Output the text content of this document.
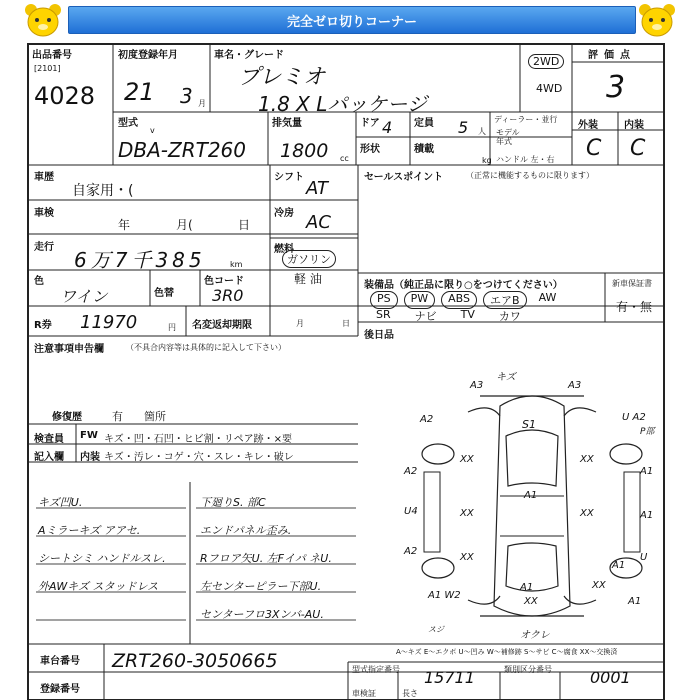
完全ゼロ切りコーナー
出品番号
[2101]
4028
初度登録年月
21 3 月
車名・グレード
プレミオ
1.8 X Lパッケージ
2WD
4WD
評価点
3
型式
v
DBA-ZRT260
排気量
1800 cc
ドア 4 定員 5 人
ディーラー・並行
モデル年式
形状	積載
kg ハンドル 左・右
外装	内装
C C
車歴
自家用・(
シフト
AT
セールスポイント	（正常に機能するものに限ります）
車検
年	月(	日
冷房 AC
走行
6万7千385	km
燃料
ガソリン
軽 油
色
ワイン	色替
色コード
3R0
装備品（純正品に限り○をつけてください）
PS	PW	ABS	エアB	AW
SR ナビ TV カワ
新車保証書
有・無
後日品
R券 11970	円 名変返却期限	月	日
注意事項申告欄	（不具合内容等は具体的に記入して下さい）
修復歴	有 箇所
検査員 FW キズ・凹・石凹・ヒビ割・リペア跡・×要
記入欄 内装 キズ・汚レ・コゲ・穴・スレ・キレ・破レ
キズ凹U.
Aミラーキズ アアセ.
シートシミ ハンドルスレ.
外AWキズ スタッドレス
下廻りS. 部C
エンドパネル歪み.
Rフロア矢U. 左Fイパ ネU.
左センターピラー下部U.
センターフロ3Xンバ-AU.
キズ
A3	A3
S1
U A2
P部
A2
XX	XX
A1
A2
XX
A1
U4	XX	A1
A2
XX	U
A1
A1 W2
XX	A1
XX
A1
スジ
オクレ
A～キズ E～エクボ U～凹み W～補修跡 S～サビ C～腐食 XX～交換済
車台番号 ZRT260-3050665
登録番号
型式指定番号 15711	類別区分番号 0001
長さ
車検証
